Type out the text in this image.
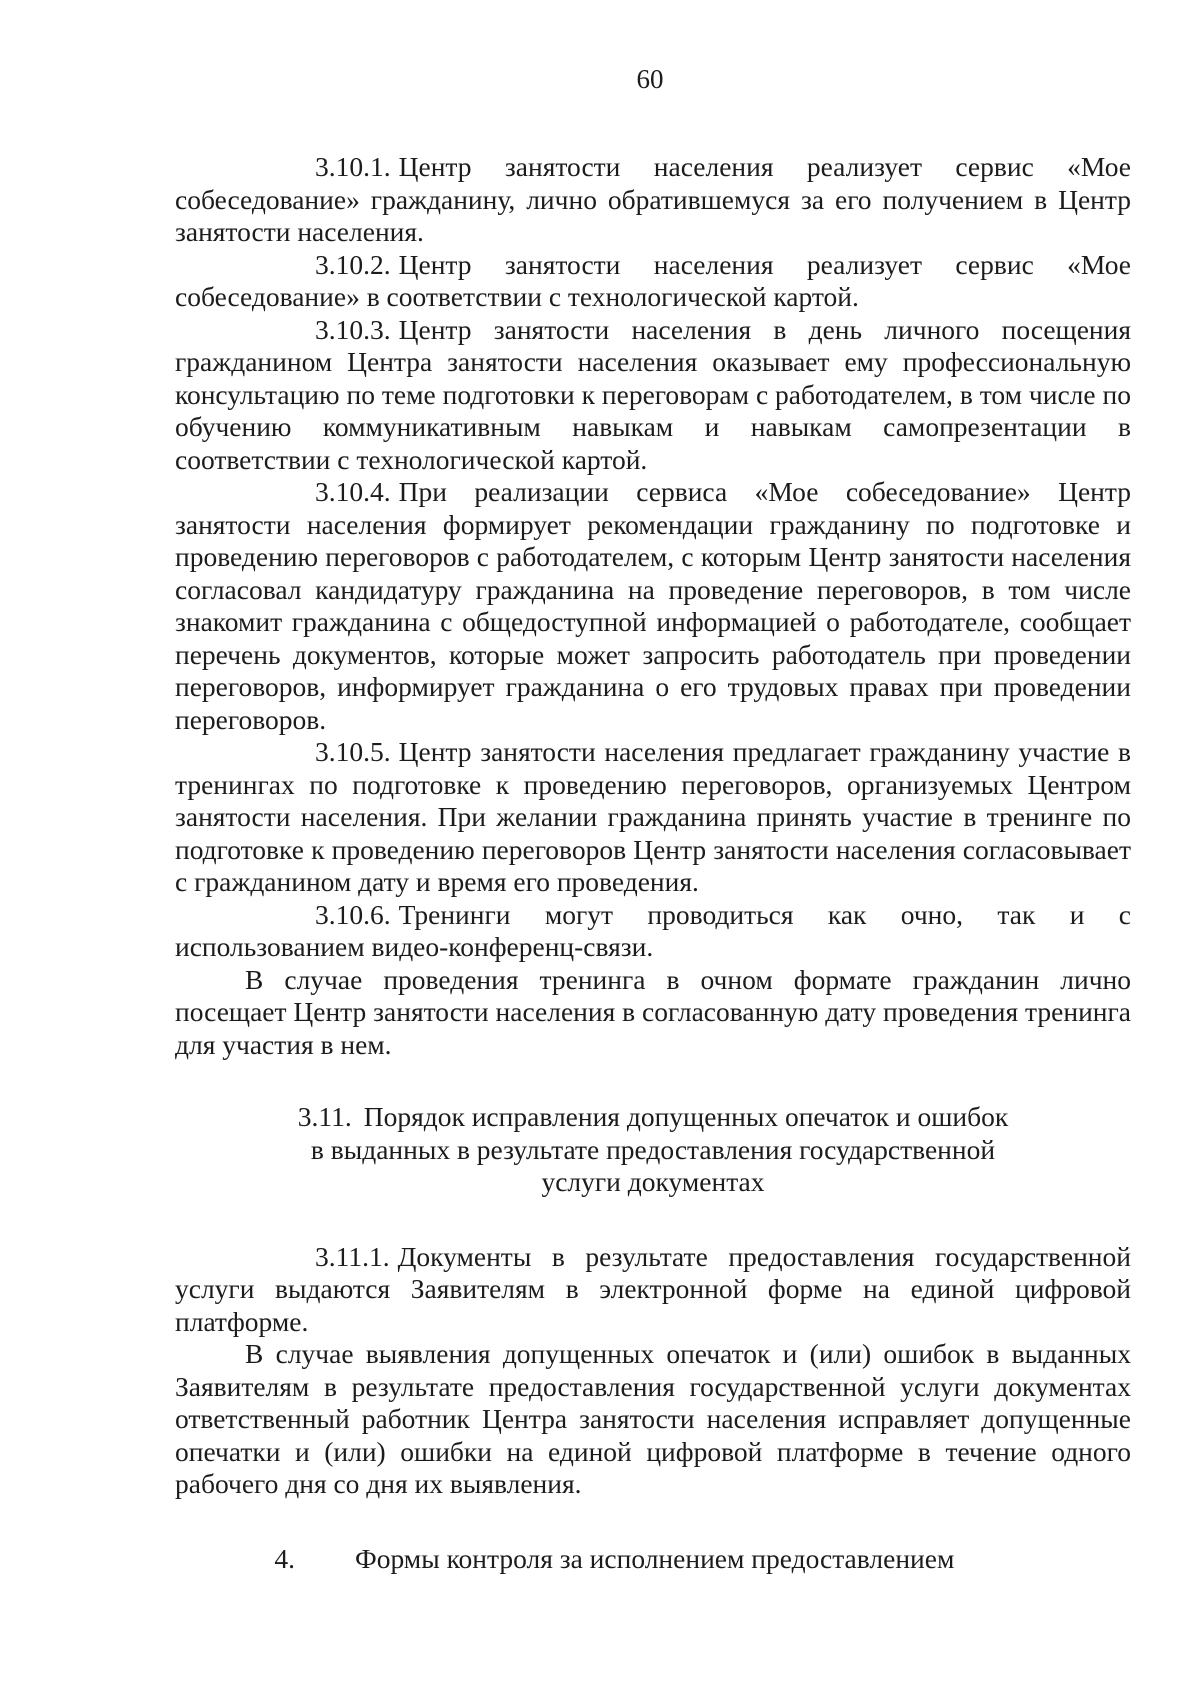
60

3.10.1. Центр занятости населения реализует сервис «Мое собеседование» гражданину, лично обратившемуся за его получением в Центр занятости населения.

3.10.2. Центр занятости населения реализует сервис «Мое собеседование» в соответствии с технологической картой.

3.10.3. Центр занятости населения в день личного посещения гражданином Центра занятости населения оказывает ему профессиональную консультацию по теме подготовки к переговорам с работодателем, в том числе по обучению коммуникативным навыкам и навыкам самопрезентации в соответствии с технологической картой.

3.10.4. При реализации сервиса «Мое собеседование» Центр занятости населения формирует рекомендации гражданину по подготовке и проведению переговоров с работодателем, с которым Центр занятости населения согласовал кандидатуру гражданина на проведение переговоров, в том числе знакомит гражданина с общедоступной информацией о работодателе, сообщает перечень документов, которые может запросить работодатель при проведении переговоров, информирует гражданина о его трудовых правах при проведении переговоров.

3.10.5. Центр занятости населения предлагает гражданину участие в тренингах по подготовке к проведению переговоров, организуемых Центром занятости населения. При желании гражданина принять участие в тренинге по подготовке к проведению переговоров Центр занятости населения согласовывает с гражданином дату и время его проведения.

3.10.6. Тренинги могут проводиться как очно, так и с использованием видео-конференц-связи.

В случае проведения тренинга в очном формате гражданин лично посещает Центр занятости населения в согласованную дату проведения тренинга для участия в нем.

3.11. Порядок исправления допущенных опечаток и ошибок
в выданных в результате предоставления государственной
услуги документах

3.11.1. Документы в результате предоставления государственной услуги выдаются Заявителям в электронной форме на единой цифровой платформе.

В случае выявления допущенных опечаток и (или) ошибок в выданных Заявителям в результате предоставления государственной услуги документах ответственный работник Центра занятости населения исправляет допущенные опечатки и (или) ошибки на единой цифровой платформе в течение одного рабочего дня со дня их выявления.

4. Формы контроля за исполнением предоставлением
